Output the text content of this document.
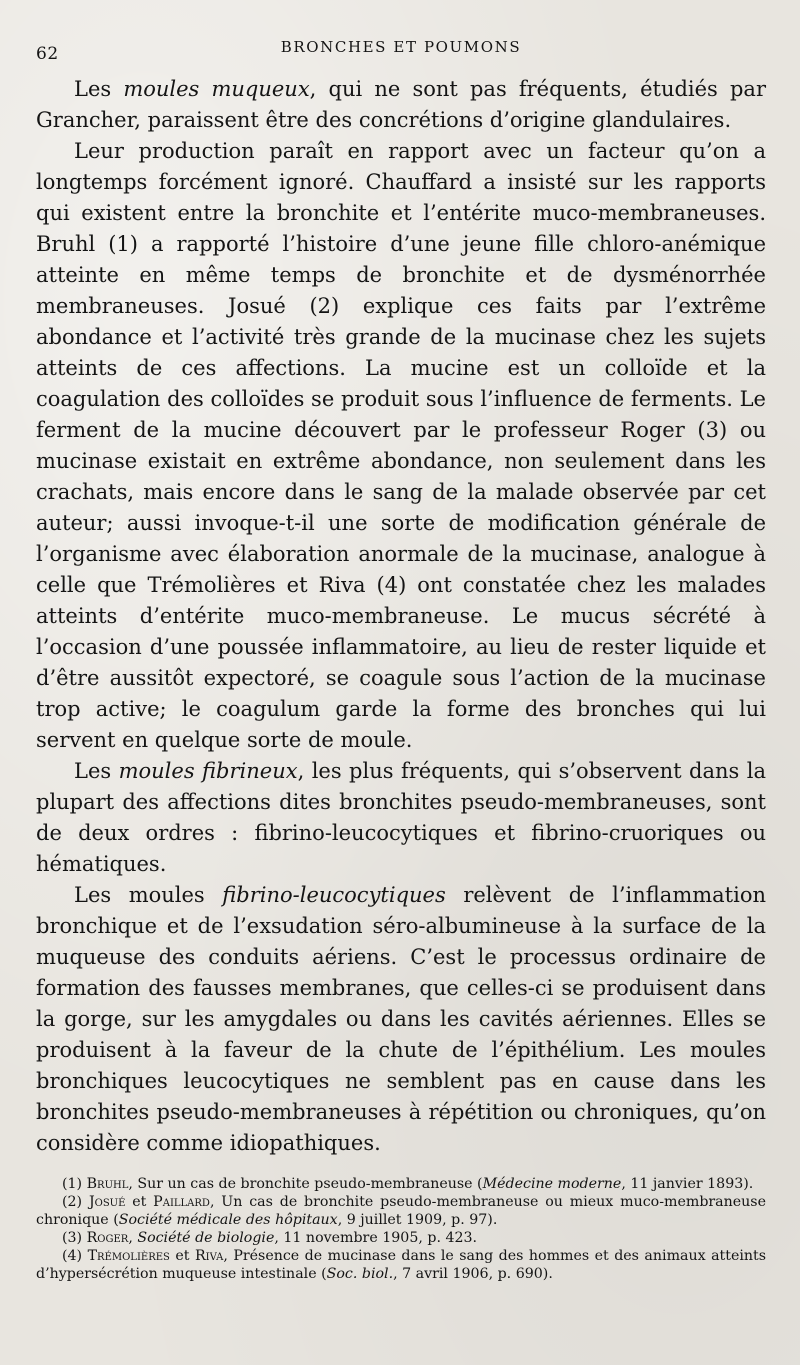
62	BRONCHES ET POUMONS

Les moules muqueux, qui ne sont pas fréquents, étudiés par Grancher, paraissent être des concrétions d’origine glandulaires.

Leur production paraît en rapport avec un facteur qu’on a longtemps forcément ignoré. Chauffard a insisté sur les rapports qui existent entre la bronchite et l’entérite muco-membraneuses. Bruhl (1) a rapporté l’histoire d’une jeune fille chloro-anémique atteinte en même temps de bronchite et de dysménorrhée membraneuses. Josué (2) explique ces faits par l’extrême abondance et l’activité très grande de la mucinase chez les sujets atteints de ces affections. La mucine est un colloïde et la coagulation des colloïdes se produit sous l’influence de ferments. Le ferment de la mucine découvert par le professeur Roger (3) ou mucinase existait en extrême abondance, non seulement dans les crachats, mais encore dans le sang de la malade observée par cet auteur; aussi invoque-t-il une sorte de modification générale de l’organisme avec élaboration anormale de la mucinase, analogue à celle que Trémolières et Riva (4) ont constatée chez les malades atteints d’entérite muco-membraneuse. Le mucus sécrété à l’occasion d’une poussée inflammatoire, au lieu de rester liquide et d’être aussitôt expectoré, se coagule sous l’action de la mucinase trop active; le coagulum garde la forme des bronches qui lui servent en quelque sorte de moule.

Les moules fibrineux, les plus fréquents, qui s’observent dans la plupart des affections dites bronchites pseudo-membraneuses, sont de deux ordres : fibrino-leucocytiques et fibrino-cruoriques ou hématiques.

Les moules fibrino-leucocytiques relèvent de l’inflammation bronchique et de l’exsudation séro-albumineuse à la surface de la muqueuse des conduits aériens. C’est le processus ordinaire de formation des fausses membranes, que celles-ci se produisent dans la gorge, sur les amygdales ou dans les cavités aériennes. Elles se produisent à la faveur de la chute de l’épithélium. Les moules bronchiques leucocytiques ne semblent pas en cause dans les bronchites pseudo-membraneuses à répétition ou chroniques, qu’on considère comme idiopathiques.

(1) Bruhl, Sur un cas de bronchite pseudo-membraneuse (Médecine moderne, 11 janvier 1893).

(2) Josué et Paillard, Un cas de bronchite pseudo-membraneuse ou mieux muco-membraneuse chronique (Société médicale des hôpitaux, 9 juillet 1909, p. 97).

(3) Roger, Société de biologie, 11 novembre 1905, p. 423.

(4) Trémolières et Riva, Présence de mucinase dans le sang des hommes et des animaux atteints d’hypersécrétion muqueuse intestinale (Soc. biol., 7 avril 1906, p. 690).
